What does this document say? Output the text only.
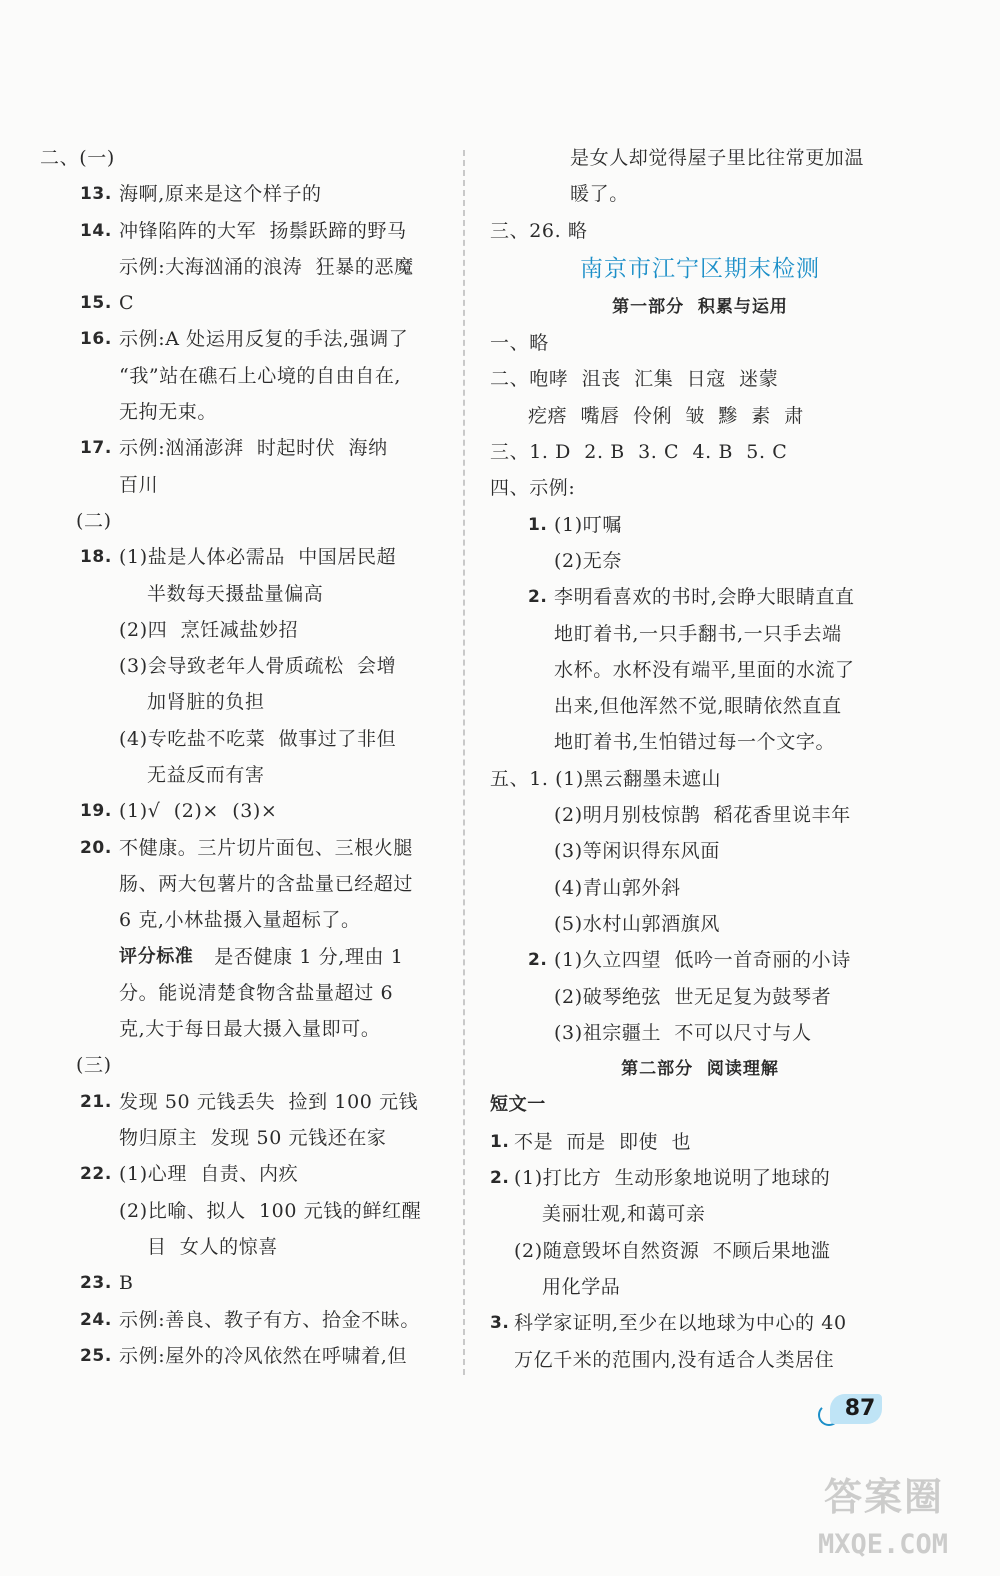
二、(一)
13. 海啊,原来是这个样子的
14. 冲锋陷阵的大军  扬鬃跃蹄的野马
示例:大海汹涌的浪涛  狂暴的恶魔
15. C
16. 示例:A 处运用反复的手法,强调了
“我”站在礁石上心境的自由自在,
无拘无束。
17. 示例:汹涌澎湃  时起时伏  海纳
百川
(二)
18. (1)盐是人体必需品  中国居民超
半数每天摄盐量偏高
(2)四  烹饪减盐妙招
(3)会导致老年人骨质疏松  会增
加肾脏的负担
(4)专吃盐不吃菜  做事过了非但
无益反而有害
19. (1)√  (2)×  (3)×
20. 不健康。三片切片面包、三根火腿
肠、两大包薯片的含盐量已经超过
6 克,小林盐摄入量超标了。
评分标准 是否健康 1 分,理由 1
分。能说清楚食物含盐量超过 6
克,大于每日最大摄入量即可。
(三)
21. 发现 50 元钱丢失  捡到 100 元钱
物归原主  发现 50 元钱还在家
22. (1)心理  自责、内疚
(2)比喻、拟人  100 元钱的鲜红醒
目  女人的惊喜
23. B
24. 示例:善良、教子有方、拾金不昧。
25. 示例:屋外的冷风依然在呼啸着,但
是女人却觉得屋子里比往常更加温
暖了。
三、26. 略
南京市江宁区期末检测
第一部分  积累与运用
一、略
二、咆哮  沮丧  汇集  日寇  迷蒙
疙瘩  嘴唇  伶俐  皱  黲  素  肃
三、1. D  2. B  3. C  4. B  5. C
四、示例:
1. (1)叮嘱
(2)无奈
2. 李明看喜欢的书时,会睁大眼睛直直
地盯着书,一只手翻书,一只手去端
水杯。水杯没有端平,里面的水流了
出来,但他浑然不觉,眼睛依然直直
地盯着书,生怕错过每一个文字。
五、1. (1)黑云翻墨未遮山
(2)明月别枝惊鹊  稻花香里说丰年
(3)等闲识得东风面
(4)青山郭外斜
(5)水村山郭酒旗风
2. (1)久立四望  低吟一首奇丽的小诗
(2)破琴绝弦  世无足复为鼓琴者
(3)祖宗疆土  不可以尺寸与人
第二部分  阅读理解
短文一
1. 不是  而是  即使  也
2. (1)打比方  生动形象地说明了地球的
美丽壮观,和蔼可亲
(2)随意毁坏自然资源  不顾后果地滥
用化学品
3. 科学家证明,至少在以地球为中心的 40
万亿千米的范围内,没有适合人类居住
87
答案圈
MXQE.COM
